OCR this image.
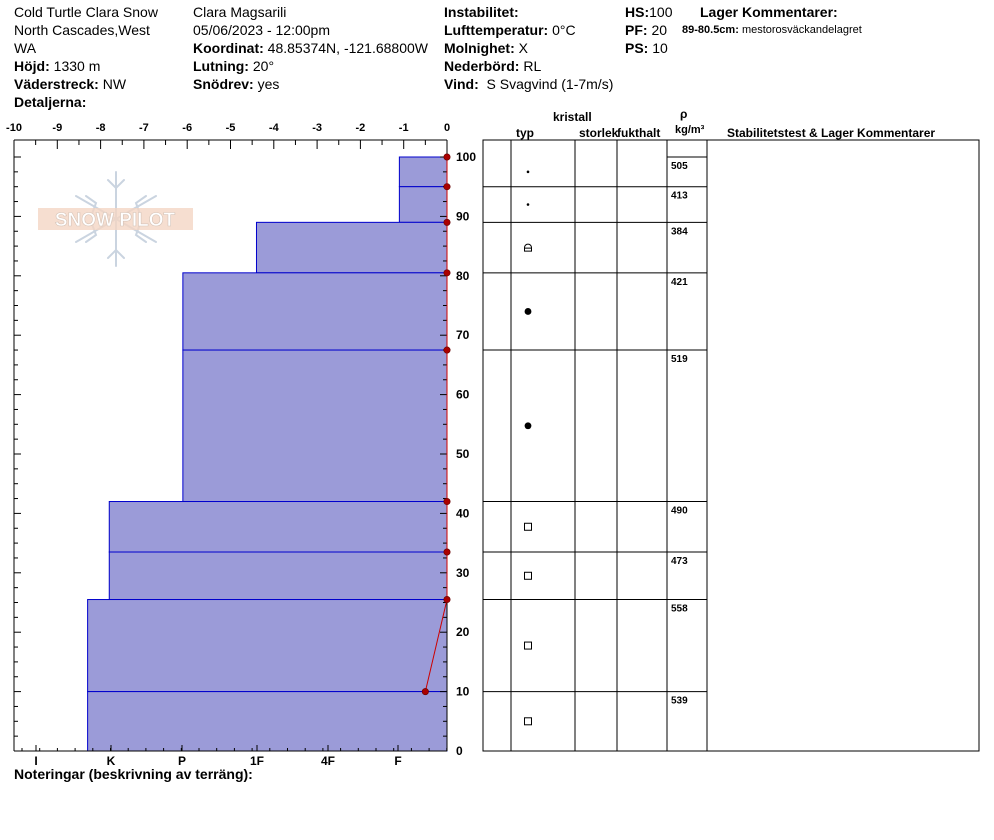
Cold Turtle Clara Snow
North Cascades,West
WA
Höjd: 1330 m
Väderstreck: NW
Detaljerna:
Clara Magsarili
05/06/2023 - 12:00pm
Koordinat: 48.85374N, -121.68800W
Lutning: 20°
Snödrev: yes
Instabilitet:
Lufttemperatur: 0°C
Molnighet: X
Nederbörd: RL
Vind: S Svagvind (1-7m/s)
HS:100
PF: 20
PS: 10
Lager Kommentarer:
89-80.5cm: mestorosväckandelagret
kristall
typ	storlek
fukthalt
ρ
kg/m³ Stabilitetstest & Lager Kommentarer
Noteringar (beskrivning av terräng):
SNOW PILOT
-10	-9	-8	-7	-6	-5	-4	-3	-2	-1	0
0
10
20
30
40
50
60
70
80
90
100
I	K	P	1F	4F	F
505
413
384
421
519
490
473
558
539
